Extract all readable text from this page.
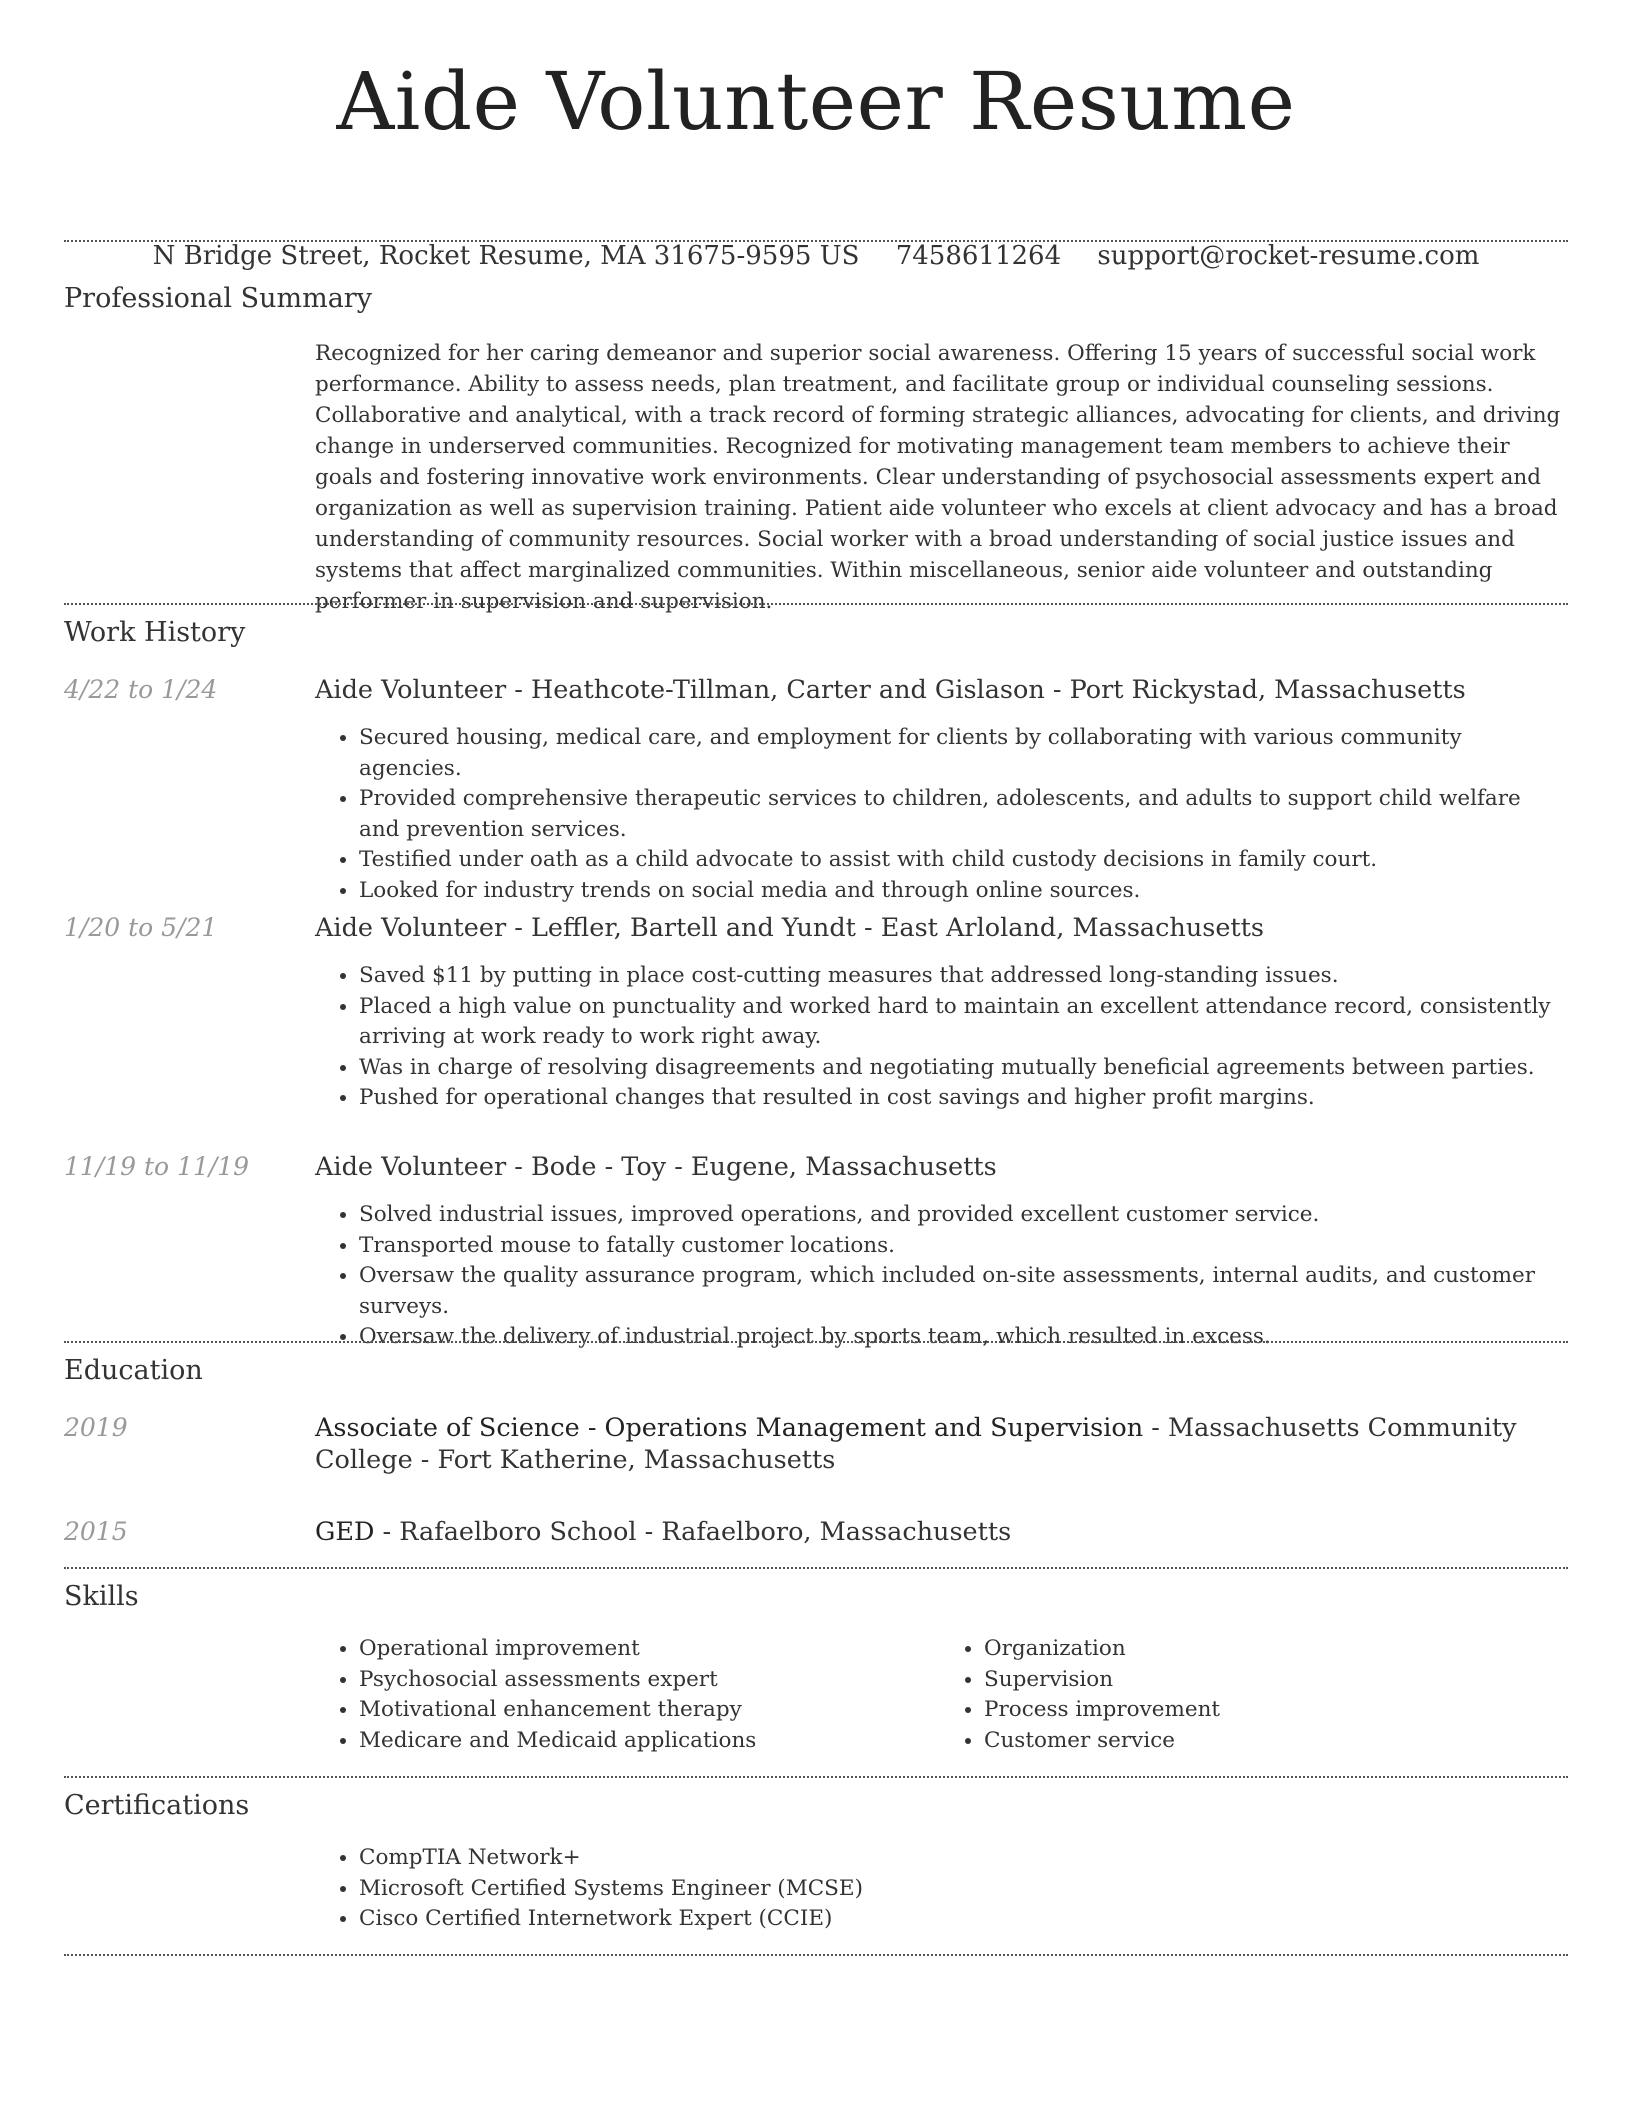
Aide Volunteer Resume
N Bridge Street, Rocket Resume, MA 31675-9595 US 7458611264 support@rocket-resume.com
Professional Summary

Recognized for her caring demeanor and superior social awareness. Offering 15 years of successful social work performance. Ability to assess needs, plan treatment, and facilitate group or individual counseling sessions. Collaborative and analytical, with a track record of forming strategic alliances, advocating for clients, and driving change in underserved communities. Recognized for motivating management team members to achieve their goals and fostering innovative work environments. Clear understanding of psychosocial assessments expert and organization as well as supervision training. Patient aide volunteer who excels at client advocacy and has a broad understanding of community resources. Social worker with a broad understanding of social justice issues and systems that affect marginalized communities. Within miscellaneous, senior aide volunteer and outstanding performer in supervision and supervision.

Work History
4/22 to 1/24	Aide Volunteer - Heathcote-Tillman, Carter and Gislason - Port Rickystad, Massachusetts

• Secured housing, medical care, and employment for clients by collaborating with various community agencies.
• Provided comprehensive therapeutic services to children, adolescents, and adults to support child welfare and prevention services.
• Testified under oath as a child advocate to assist with child custody decisions in family court.
• Looked for industry trends on social media and through online sources.
1/20 to 5/21	Aide Volunteer - Leffler, Bartell and Yundt - East Arloland, Massachusetts

• Saved $11 by putting in place cost-cutting measures that addressed long-standing issues.
• Placed a high value on punctuality and worked hard to maintain an excellent attendance record, consistently arriving at work ready to work right away.
• Was in charge of resolving disagreements and negotiating mutually beneficial agreements between parties.
• Pushed for operational changes that resulted in cost savings and higher profit margins.
11/19 to 11/19	Aide Volunteer - Bode - Toy - Eugene, Massachusetts

• Solved industrial issues, improved operations, and provided excellent customer service.
• Transported mouse to fatally customer locations.
• Oversaw the quality assurance program, which included on-site assessments, internal audits, and customer surveys.
• Oversaw the delivery of industrial project by sports team, which resulted in excess.
Education
2019	Associate of Science - Operations Management and Supervision - Massachusetts Community College - Fort Katherine, Massachusetts

2015	GED - Rafaelboro School - Rafaelboro, Massachusetts

Skills
• Operational improvement
• Psychosocial assessments expert
• Motivational enhancement therapy
• Medicare and Medicaid applications
• Organization
• Supervision
• Process improvement
• Customer service
Certifications
• CompTIA Network+
• Microsoft Certified Systems Engineer (MCSE)
• Cisco Certified Internetwork Expert (CCIE)
